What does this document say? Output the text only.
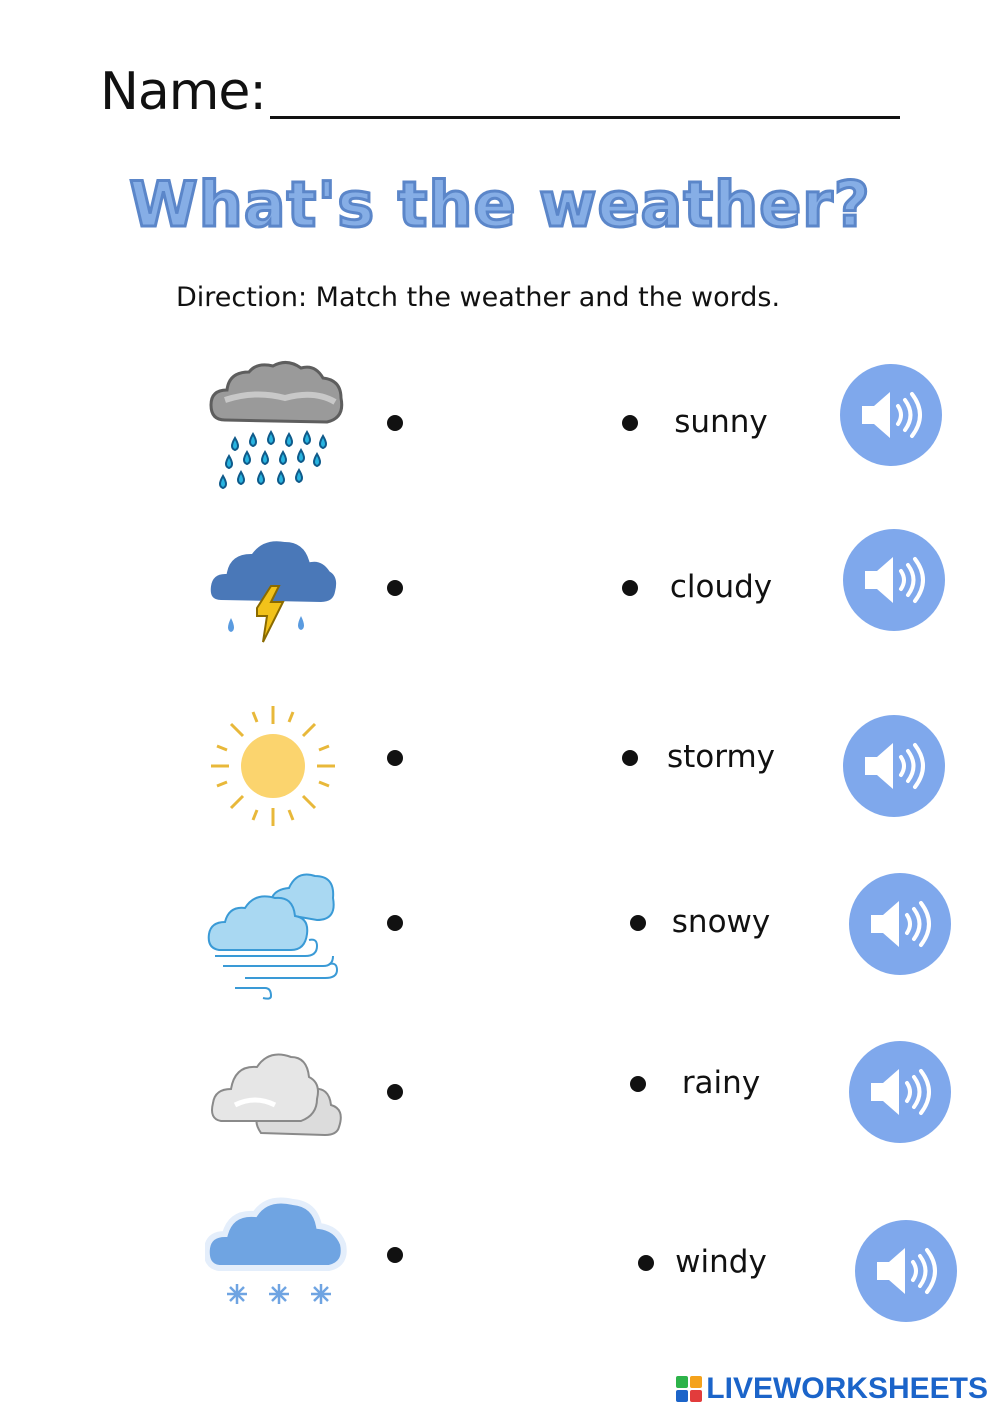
Name:
What's the weather?
Direction: Match the weather and the words.
sunny
cloudy
stormy
snowy
rainy
windy
LIVEWORKSHEETS
